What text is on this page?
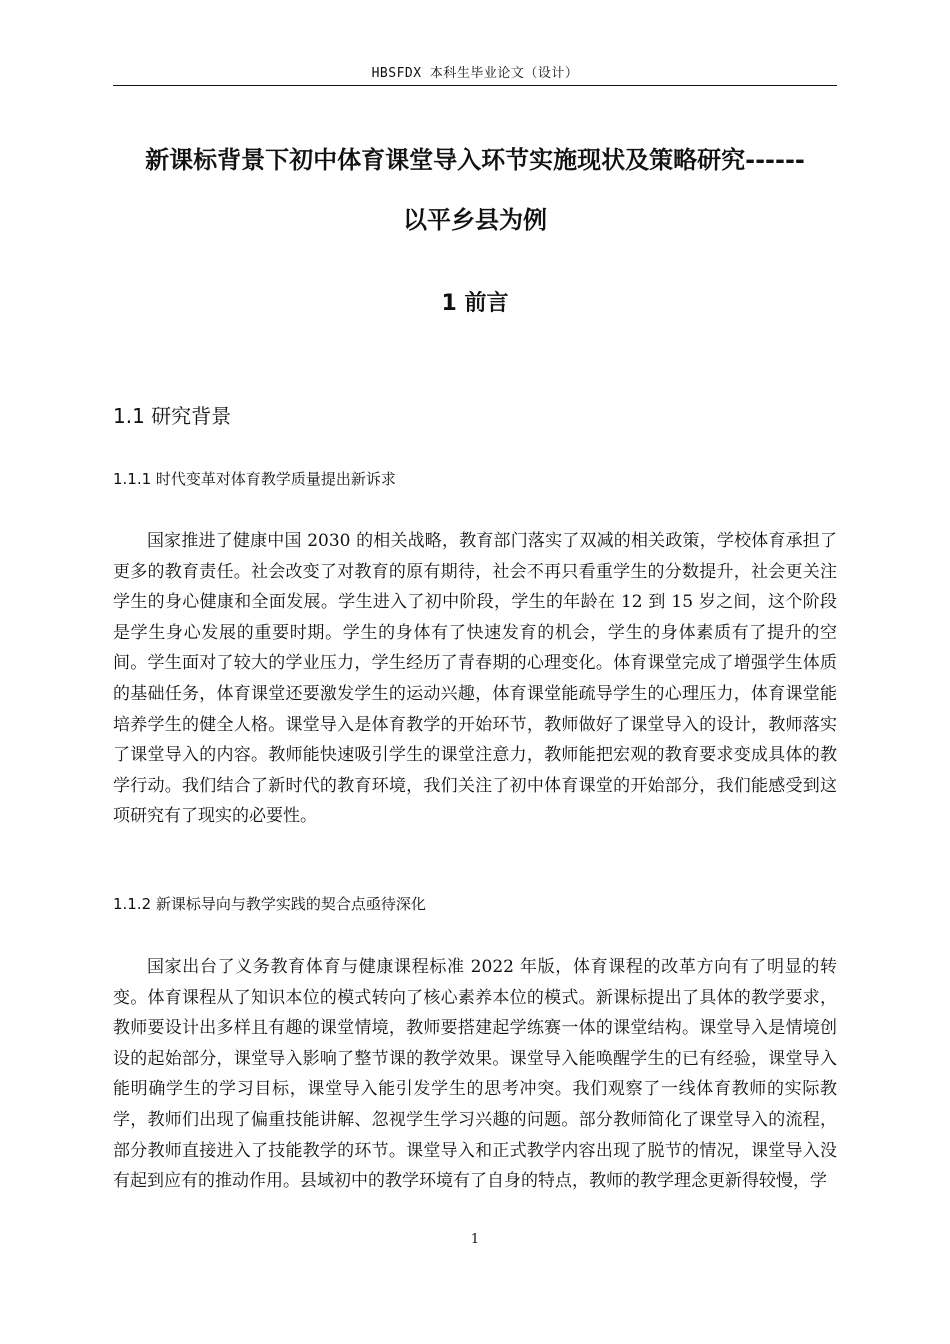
HBSFDX 本科生毕业论文（设计）
新课标背景下初中体育课堂导入环节实施现状及策略研究------
以平乡县为例
1 前言
1.1 研究背景
1.1.1 时代变革对体育教学质量提出新诉求

国家推进了健康中国 2030 的相关战略，教育部门落实了双减的相关政策，学校体育承担了更多的教育责任。社会改变了对教育的原有期待，社会不再只看重学生的分数提升，社会更关注学生的身心健康和全面发展。学生进入了初中阶段，学生的年龄在 12 到 15 岁之间，这个阶段是学生身心发展的重要时期。学生的身体有了快速发育的机会，学生的身体素质有了提升的空间。学生面对了较大的学业压力，学生经历了青春期的心理变化。体育课堂完成了增强学生体质的基础任务，体育课堂还要激发学生的运动兴趣，体育课堂能疏导学生的心理压力，体育课堂能培养学生的健全人格。课堂导入是体育教学的开始环节，教师做好了课堂导入的设计，教师落实了课堂导入的内容。教师能快速吸引学生的课堂注意力，教师能把宏观的教育要求变成具体的教学行动。我们结合了新时代的教育环境，我们关注了初中体育课堂的开始部分，我们能感受到这项研究有了现实的必要性。

1.1.2 新课标导向与教学实践的契合点亟待深化

国家出台了义务教育体育与健康课程标准 2022 年版，体育课程的改革方向有了明显的转变。体育课程从了知识本位的模式转向了核心素养本位的模式。新课标提出了具体的教学要求，教师要设计出多样且有趣的课堂情境，教师要搭建起学练赛一体的课堂结构。课堂导入是情境创设的起始部分，课堂导入影响了整节课的教学效果。课堂导入能唤醒学生的已有经验，课堂导入能明确学生的学习目标，课堂导入能引发学生的思考冲突。我们观察了一线体育教师的实际教学，教师们出现了偏重技能讲解、忽视学生学习兴趣的问题。部分教师简化了课堂导入的流程，部分教师直接进入了技能教学的环节。课堂导入和正式教学内容出现了脱节的情况，课堂导入没有起到应有的推动作用。县域初中的教学环境有了自身的特点，教师的教学理念更新得较慢，学

1
